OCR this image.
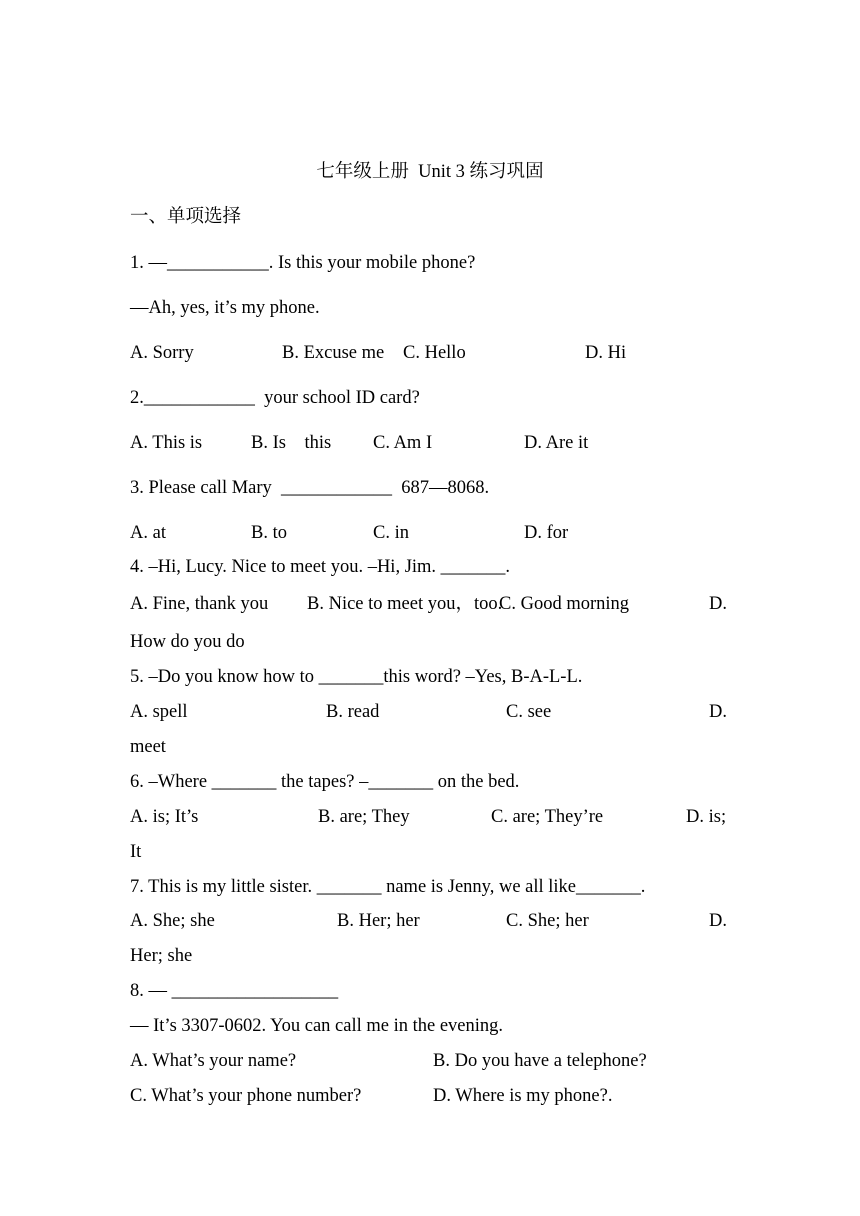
七年级上册  Unit 3 练习巩固
一、单项选择
1. —___________. Is this your mobile phone?
—Ah, yes, it’s my phone.
A. Sorry	B. Excuse me C. Hello	D. Hi
2.____________  your school ID card?
A. This is	B. Is    this C. Am I	D. Are it
3. Please call Mary  ____________  687—8068.
A. at	B. to	C. in	D. for
4. –Hi, Lucy. Nice to meet you. –Hi, Jim. _______.
A. Fine, thank you B. Nice to meet you，too.
C. Good morning	D.
How do you do
5. –Do you know how to _______this word? –Yes, B-A-L-L.
A. spell	B. read	C. see	D.
meet
6. –Where _______ the tapes? –_______ on the bed.
A. is; It’s	B. are; They	C. are; They’re	D. is;
It
7. This is my little sister. _______ name is Jenny, we all like_______.
A. She; she	B. Her; her	C. She; her	D.
Her; she
8. — __________________
— It’s 3307-0602. You can call me in the evening.
A. What’s your name?	B. Do you have a telephone?
C. What’s your phone number?	D. Where is my phone?.
